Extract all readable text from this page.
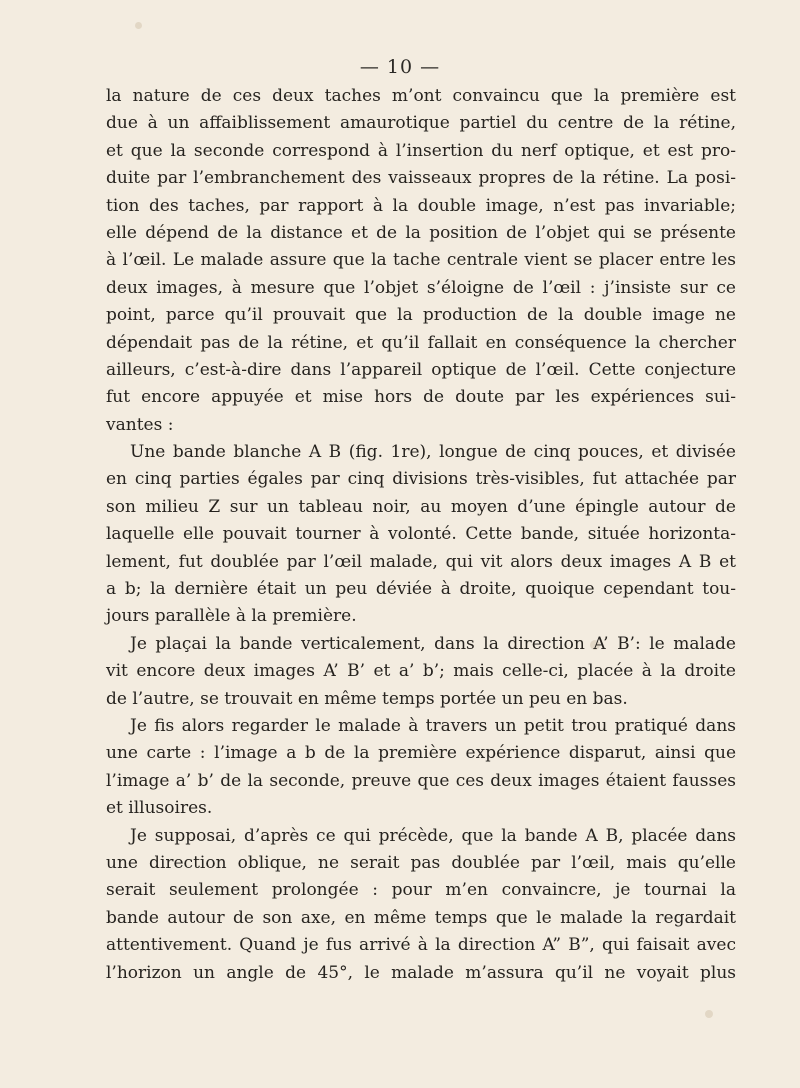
— 10 —
la nature de ces deux taches m’ont convaincu que la première est
due à un affaiblissement amaurotique partiel du centre de la rétine,
et que la seconde correspond à l’insertion du nerf optique, et est pro-
duite par l’embranchement des vaisseaux propres de la rétine. La posi-
tion des taches, par rapport à la double image, n’est pas invariable;
elle dépend de la distance et de la position de l’objet qui se présente
à l’œil. Le malade assure que la tache centrale vient se placer entre les
deux images, à mesure que l’objet s’éloigne de l’œil : j’insiste sur ce
point, parce qu’il prouvait que la production de la double image ne
dépendait pas de la rétine, et qu’il fallait en conséquence la chercher
ailleurs, c’est-à-dire dans l’appareil optique de l’œil. Cette conjecture
fut encore appuyée et mise hors de doute par les expériences sui-
vantes :
Une bande blanche A B (fig. 1re), longue de cinq pouces, et divisée
en cinq parties égales par cinq divisions très-visibles, fut attachée par
son milieu Z sur un tableau noir, au moyen d’une épingle autour de
laquelle elle pouvait tourner à volonté. Cette bande, située horizonta-
lement, fut doublée par l’œil malade, qui vit alors deux images A B et
a b; la dernière était un peu déviée à droite, quoique cependant tou-
jours parallèle à la première.
Je plaçai la bande verticalement, dans la direction A’ B’: le malade
vit encore deux images A’ B’ et a’ b’; mais celle-ci, placée à la droite
de l’autre, se trouvait en même temps portée un peu en bas.
Je fis alors regarder le malade à travers un petit trou pratiqué dans
une carte : l’image a b de la première expérience disparut, ainsi que
l’image a’ b’ de la seconde, preuve que ces deux images étaient fausses
et illusoires.
Je supposai, d’après ce qui précède, que la bande A B, placée dans
une direction oblique, ne serait pas doublée par l’œil, mais qu’elle
serait seulement prolongée : pour m’en convaincre, je tournai la
bande autour de son axe, en même temps que le malade la regardait
attentivement. Quand je fus arrivé à la direction A” B”, qui faisait avec
l’horizon un angle de 45°, le malade m’assura qu’il ne voyait plus
